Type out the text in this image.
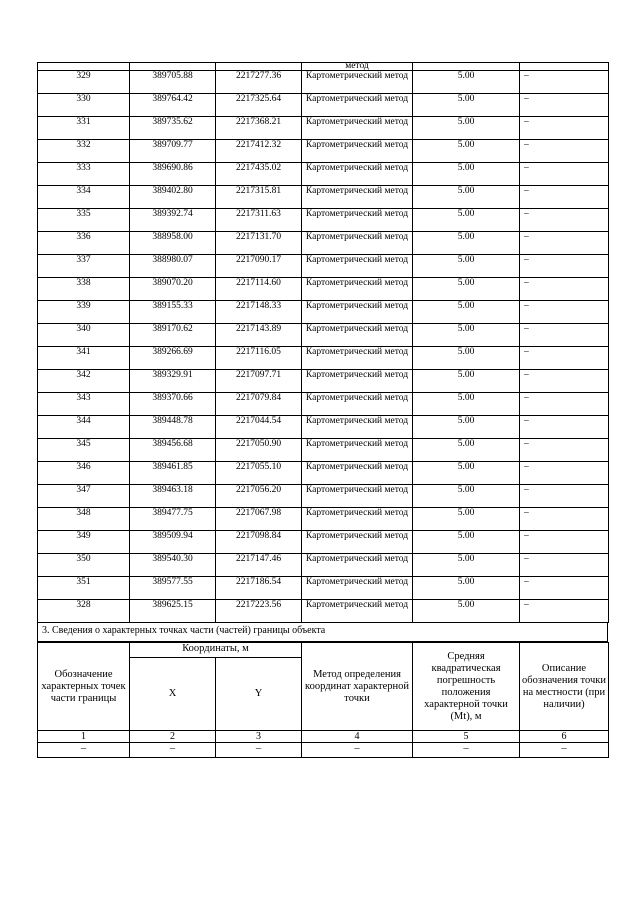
			метод		
329	389705.88	2217277.36	Картометрический метод	5.00	–
330	389764.42	2217325.64	Картометрический метод	5.00	–
331	389735.62	2217368.21	Картометрический метод	5.00	–
332	389709.77	2217412.32	Картометрический метод	5.00	–
333	389690.86	2217435.02	Картометрический метод	5.00	–
334	389402.80	2217315.81	Картометрический метод	5.00	–
335	389392.74	2217311.63	Картометрический метод	5.00	–
336	388958.00	2217131.70	Картометрический метод	5.00	–
337	388980.07	2217090.17	Картометрический метод	5.00	–
338	389070.20	2217114.60	Картометрический метод	5.00	–
339	389155.33	2217148.33	Картометрический метод	5.00	–
340	389170.62	2217143.89	Картометрический метод	5.00	–
341	389266.69	2217116.05	Картометрический метод	5.00	–
342	389329.91	2217097.71	Картометрический метод	5.00	–
343	389370.66	2217079.84	Картометрический метод	5.00	–
344	389448.78	2217044.54	Картометрический метод	5.00	–
345	389456.68	2217050.90	Картометрический метод	5.00	–
346	389461.85	2217055.10	Картометрический метод	5.00	–
347	389463.18	2217056.20	Картометрический метод	5.00	–
348	389477.75	2217067.98	Картометрический метод	5.00	–
349	389509.94	2217098.84	Картометрический метод	5.00	–
350	389540.30	2217147.46	Картометрический метод	5.00	–
351	389577.55	2217186.54	Картометрический метод	5.00	–
328	389625.15	2217223.56	Картометрический метод	5.00	–
3. Сведения о характерных точках части (частей) границы объекта
Обозначение характерных точек части границы	Координаты, м		Метод определения координат характерной точки	Средняя квадратическая погрешность положения характерной точки (Mt), м	Описание обозначения точки на местности (при наличии)
	X	Y			
1	2	3	4	5	6
–	–	–	–	–	–
